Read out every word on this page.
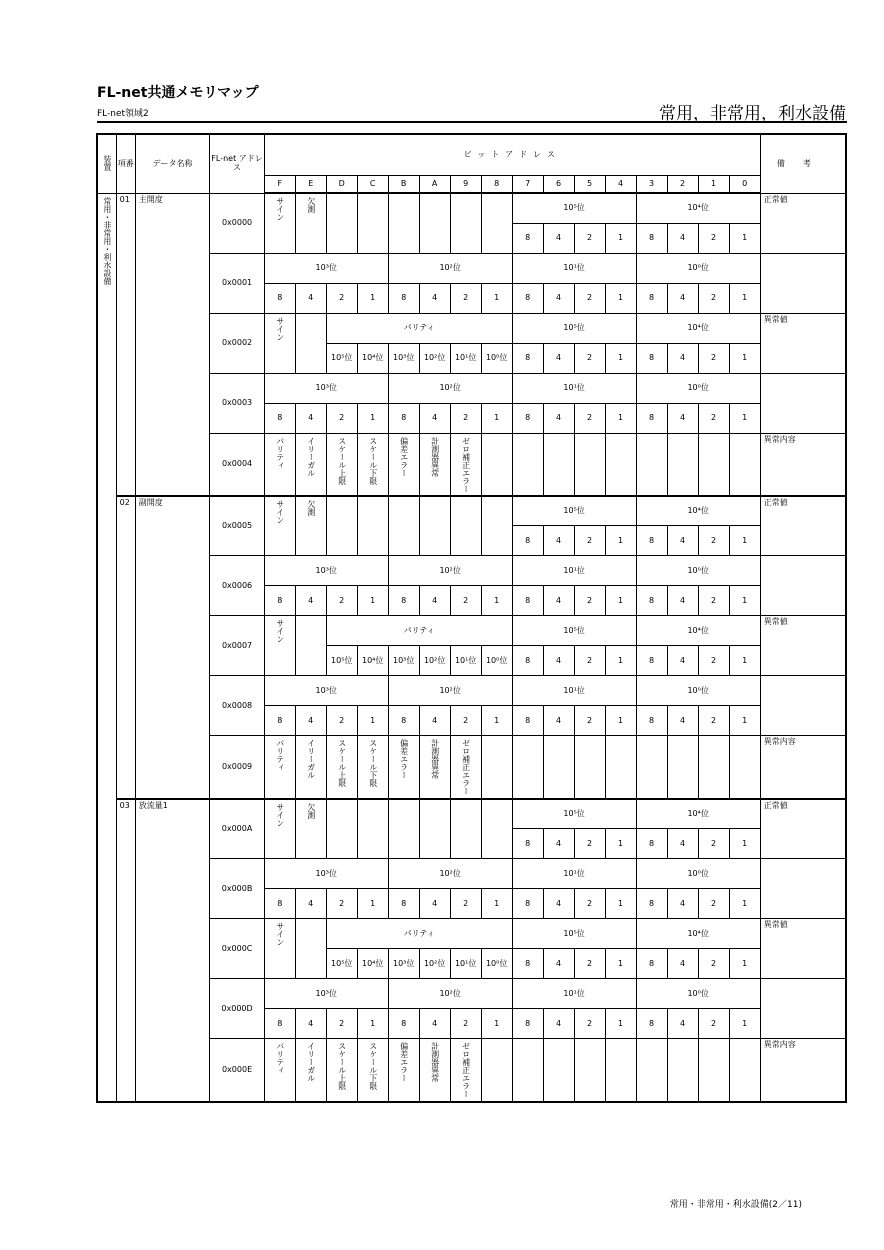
FL-net共通メモリマップ
FL-net領域2	常用，非常用，利水設備
装置	項番	データ名称	FL-net アドレス	ビットアドレス																備考
				F	E	D	C	B	A	9	8	7	6	5	4	3	2	1	0	
常用・非常用・利水設備	01	主開度	0x0000	サイン	欠測							10⁵位				10⁴位				正常値
												8	4	2	1	8	4	2	1	
			0x0001	10³位				10²位				10¹位				10⁰位				
				8	4	2	1	8	4	2	1	8	4	2	1	8	4	2	1	
			0x0002	サイン		パリティ						10⁵位				10⁴位				異常値
						10⁵位	10⁴位	10³位	10²位	10¹位	10⁰位	8	4	2	1	8	4	2	1	
			0x0003	10³位				10²位				10¹位				10⁰位				
				8	4	2	1	8	4	2	1	8	4	2	1	8	4	2	1	
			0x0004	パリティ	イリーガル	スケール上限	スケール下限	偏差エラー	計測器異常	ゼロ補正エラー										異常内容

	02	副開度	0x0005	サイン	欠測							10⁵位				10⁴位				正常値
												8	4	2	1	8	4	2	1	
			0x0006	10³位				10²位				10¹位				10⁰位				
				8	4	2	1	8	4	2	1	8	4	2	1	8	4	2	1	
			0x0007	サイン		パリティ						10⁵位				10⁴位				異常値
						10⁵位	10⁴位	10³位	10²位	10¹位	10⁰位	8	4	2	1	8	4	2	1	
			0x0008	10³位				10²位				10¹位				10⁰位				
				8	4	2	1	8	4	2	1	8	4	2	1	8	4	2	1	
			0x0009	パリティ	イリーガル	スケール上限	スケール下限	偏差エラー	計測器異常	ゼロ補正エラー										異常内容

	03	放流量1	0x000A	サイン	欠測							10⁵位				10⁴位				正常値
												8	4	2	1	8	4	2	1	
			0x000B	10³位				10²位				10¹位				10⁰位				
				8	4	2	1	8	4	2	1	8	4	2	1	8	4	2	1	
			0x000C	サイン		パリティ						10⁵位				10⁴位				異常値
						10⁵位	10⁴位	10³位	10²位	10¹位	10⁰位	8	4	2	1	8	4	2	1	
			0x000D	10³位				10²位				10¹位				10⁰位				
				8	4	2	1	8	4	2	1	8	4	2	1	8	4	2	1	
			0x000E	パリティ	イリーガル	スケール上限	スケール下限	偏差エラー	計測器異常	ゼロ補正エラー										異常内容

常用・非常用・利水設備(2／11)
